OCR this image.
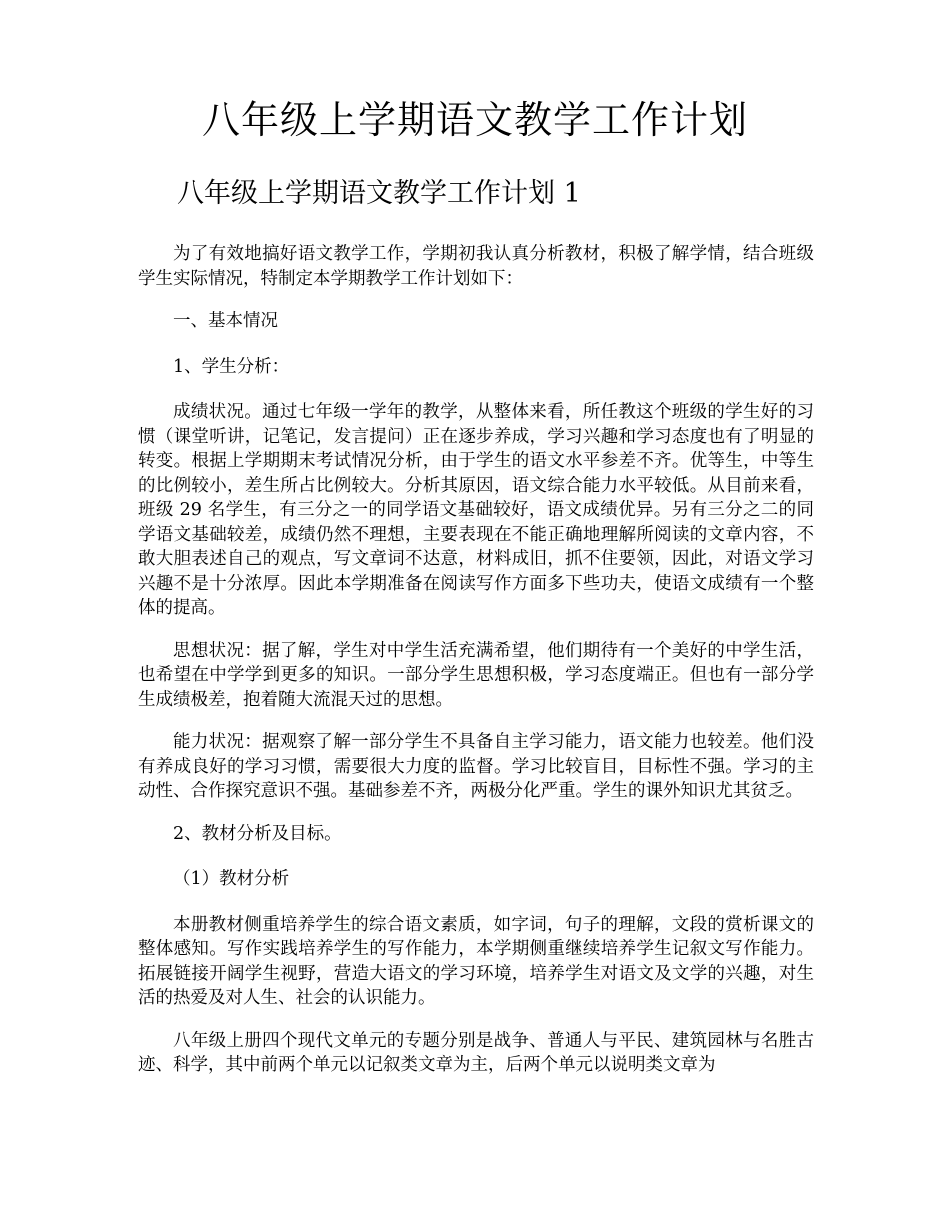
八年级上学期语文教学工作计划
八年级上学期语文教学工作计划 1

为了有效地搞好语文教学工作，学期初我认真分析教材，积极了解学情，结合班级学生实际情况，特制定本学期教学工作计划如下：

一、基本情况

1、学生分析：

成绩状况。通过七年级一学年的教学，从整体来看，所任教这个班级的学生好的习惯（课堂听讲，记笔记，发言提问）正在逐步养成，学习兴趣和学习态度也有了明显的转变。根据上学期期末考试情况分析，由于学生的语文水平参差不齐。优等生，中等生的比例较小，差生所占比例较大。分析其原因，语文综合能力水平较低。从目前来看，班级 29 名学生，有三分之一的同学语文基础较好，语文成绩优异。另有三分之二的同学语文基础较差，成绩仍然不理想，主要表现在不能正确地理解所阅读的文章内容，不敢大胆表述自己的观点，写文章词不达意，材料成旧，抓不住要领，因此，对语文学习兴趣不是十分浓厚。因此本学期准备在阅读写作方面多下些功夫，使语文成绩有一个整体的提高。

思想状况：据了解，学生对中学生活充满希望，他们期待有一个美好的中学生活，也希望在中学学到更多的知识。一部分学生思想积极，学习态度端正。但也有一部分学生成绩极差，抱着随大流混天过的思想。

能力状况：据观察了解一部分学生不具备自主学习能力，语文能力也较差。他们没有养成良好的学习习惯，需要很大力度的监督。学习比较盲目，目标性不强。学习的主动性、合作探究意识不强。基础参差不齐，两极分化严重。学生的课外知识尤其贫乏。

2、教材分析及目标。

（1）教材分析

本册教材侧重培养学生的综合语文素质，如字词，句子的理解，文段的赏析课文的整体感知。写作实践培养学生的写作能力，本学期侧重继续培养学生记叙文写作能力。拓展链接开阔学生视野，营造大语文的学习环境，培养学生对语文及文学的兴趣，对生活的热爱及对人生、社会的认识能力。

八年级上册四个现代文单元的专题分别是战争、普通人与平民、建筑园林与名胜古迹、科学，其中前两个单元以记叙类文章为主，后两个单元以说明类文章为
